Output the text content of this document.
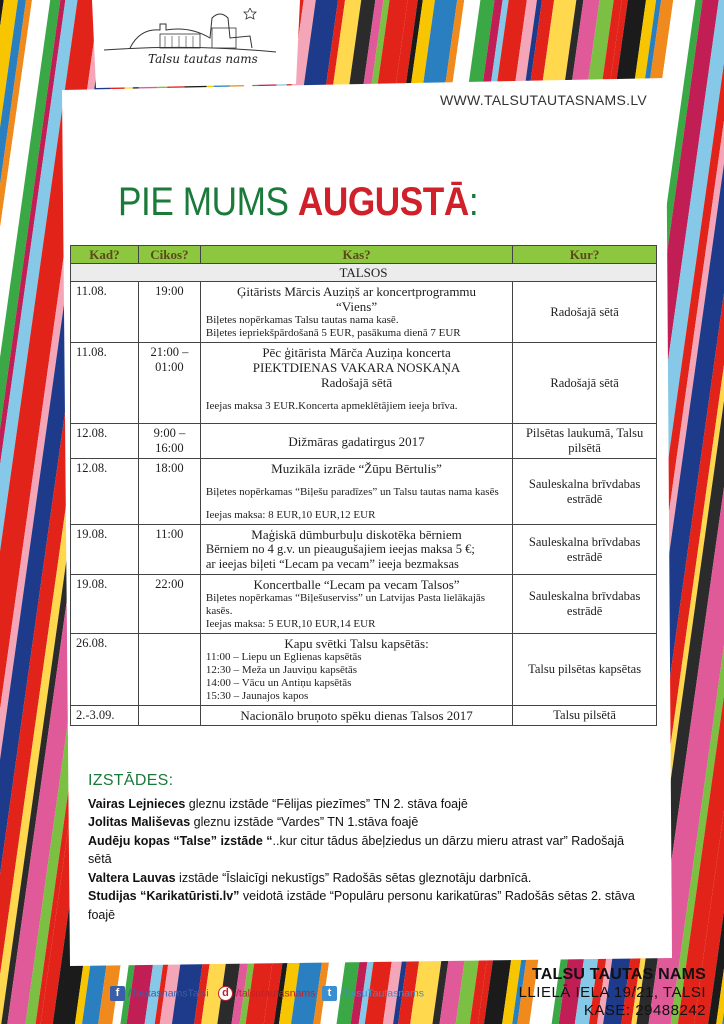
Talsu tautas nams
WWW.TALSUTAUTASNAMS.LV
PIE MUMS AUGUSTĀ:
Kad?	Cikos?	Kas?	Kur?
TALSOS			
11.08.	19:00	Ģitārists Mārcis Auziņš ar koncertprogrammu
“Viens”
Biļetes nopērkamas Talsu tautas nama kasē.
Biļetes iepriekšpārdošanā 5 EUR, pasākuma dienā 7 EUR	Radošajā sētā
11.08.	21:00 – 01:00	Pēc ģitārista Mārča Auziņa koncerta
PIEKTDIENAS VAKARA NOSKAŅA
Radošajā sētā
Ieejas maksa 3 EUR.Koncerta apmeklētājiem ieeja brīva.	Radošajā sētā
12.08.	9:00 – 16:00	Dižmāras gadatirgus 2017	Pilsētas laukumā, Talsu pilsētā
12.08.	18:00	Muzikāla izrāde “Žūpu Bērtulis”
Biļetes nopērkamas “Biļešu paradīzes” un Talsu tautas nama kasēs
Ieejas maksa: 8 EUR,10 EUR,12 EUR	Sauleskalna brīvdabas estrādē
19.08.	11:00	Maģiskā dūmburbuļu diskotēka bērniem
Bērniem no 4 g.v. un pieaugušajiem ieejas maksa 5 €;
ar ieejas biļeti “Lecam pa vecam” ieeja bezmaksas	Sauleskalna brīvdabas estrādē
19.08.	22:00	Koncertballe “Lecam pa vecam Talsos”
Biļetes nopērkamas “Biļešuserviss” un Latvijas Pasta lielākajās kasēs.
Ieejas maksa: 5 EUR,10 EUR,14 EUR	Sauleskalna brīvdabas estrādē
26.08.		Kapu svētki Talsu kapsētās:
11:00 – Liepu un Eglienas kapsētās
12:30 – Meža un Jauviņu kapsētās
14:00 – Vācu un Antiņu kapsētās
15:30 – Jaunajos kapos	Talsu pilsētas kapsētas
2.-3.09.		Nacionālo bruņoto spēku dienas Talsos 2017	Talsu pilsētā
IZSTĀDES:
Vairas Lejnieces gleznu izstāde “Fēlijas piezīmes” TN 2. stāva foajē
Jolitas Mališevas gleznu izstāde “Vardes” TN 1.stāva foajē
Audēju kopas “Talse” izstāde “..kur citur tādus ābeļziedus un dārzu mieru atrast var” Radošajā sētā
Valtera Lauvas izstāde “Īslaicīgi nekustīgs” Radošās sētas gleznotāju darbnīcā.
Studijas “Karikatūristi.lv” veidotā izstāde “Populāru personu karikatūras” Radošās sētas 2. stāva foajē
f /TautasnamsTalsi	d /talsutautasnams	t /TalsuTautasnams
TALSU TAUTAS NAMS
LLIELĀ IELA 19/21, TALSI
KASE: 29488242
